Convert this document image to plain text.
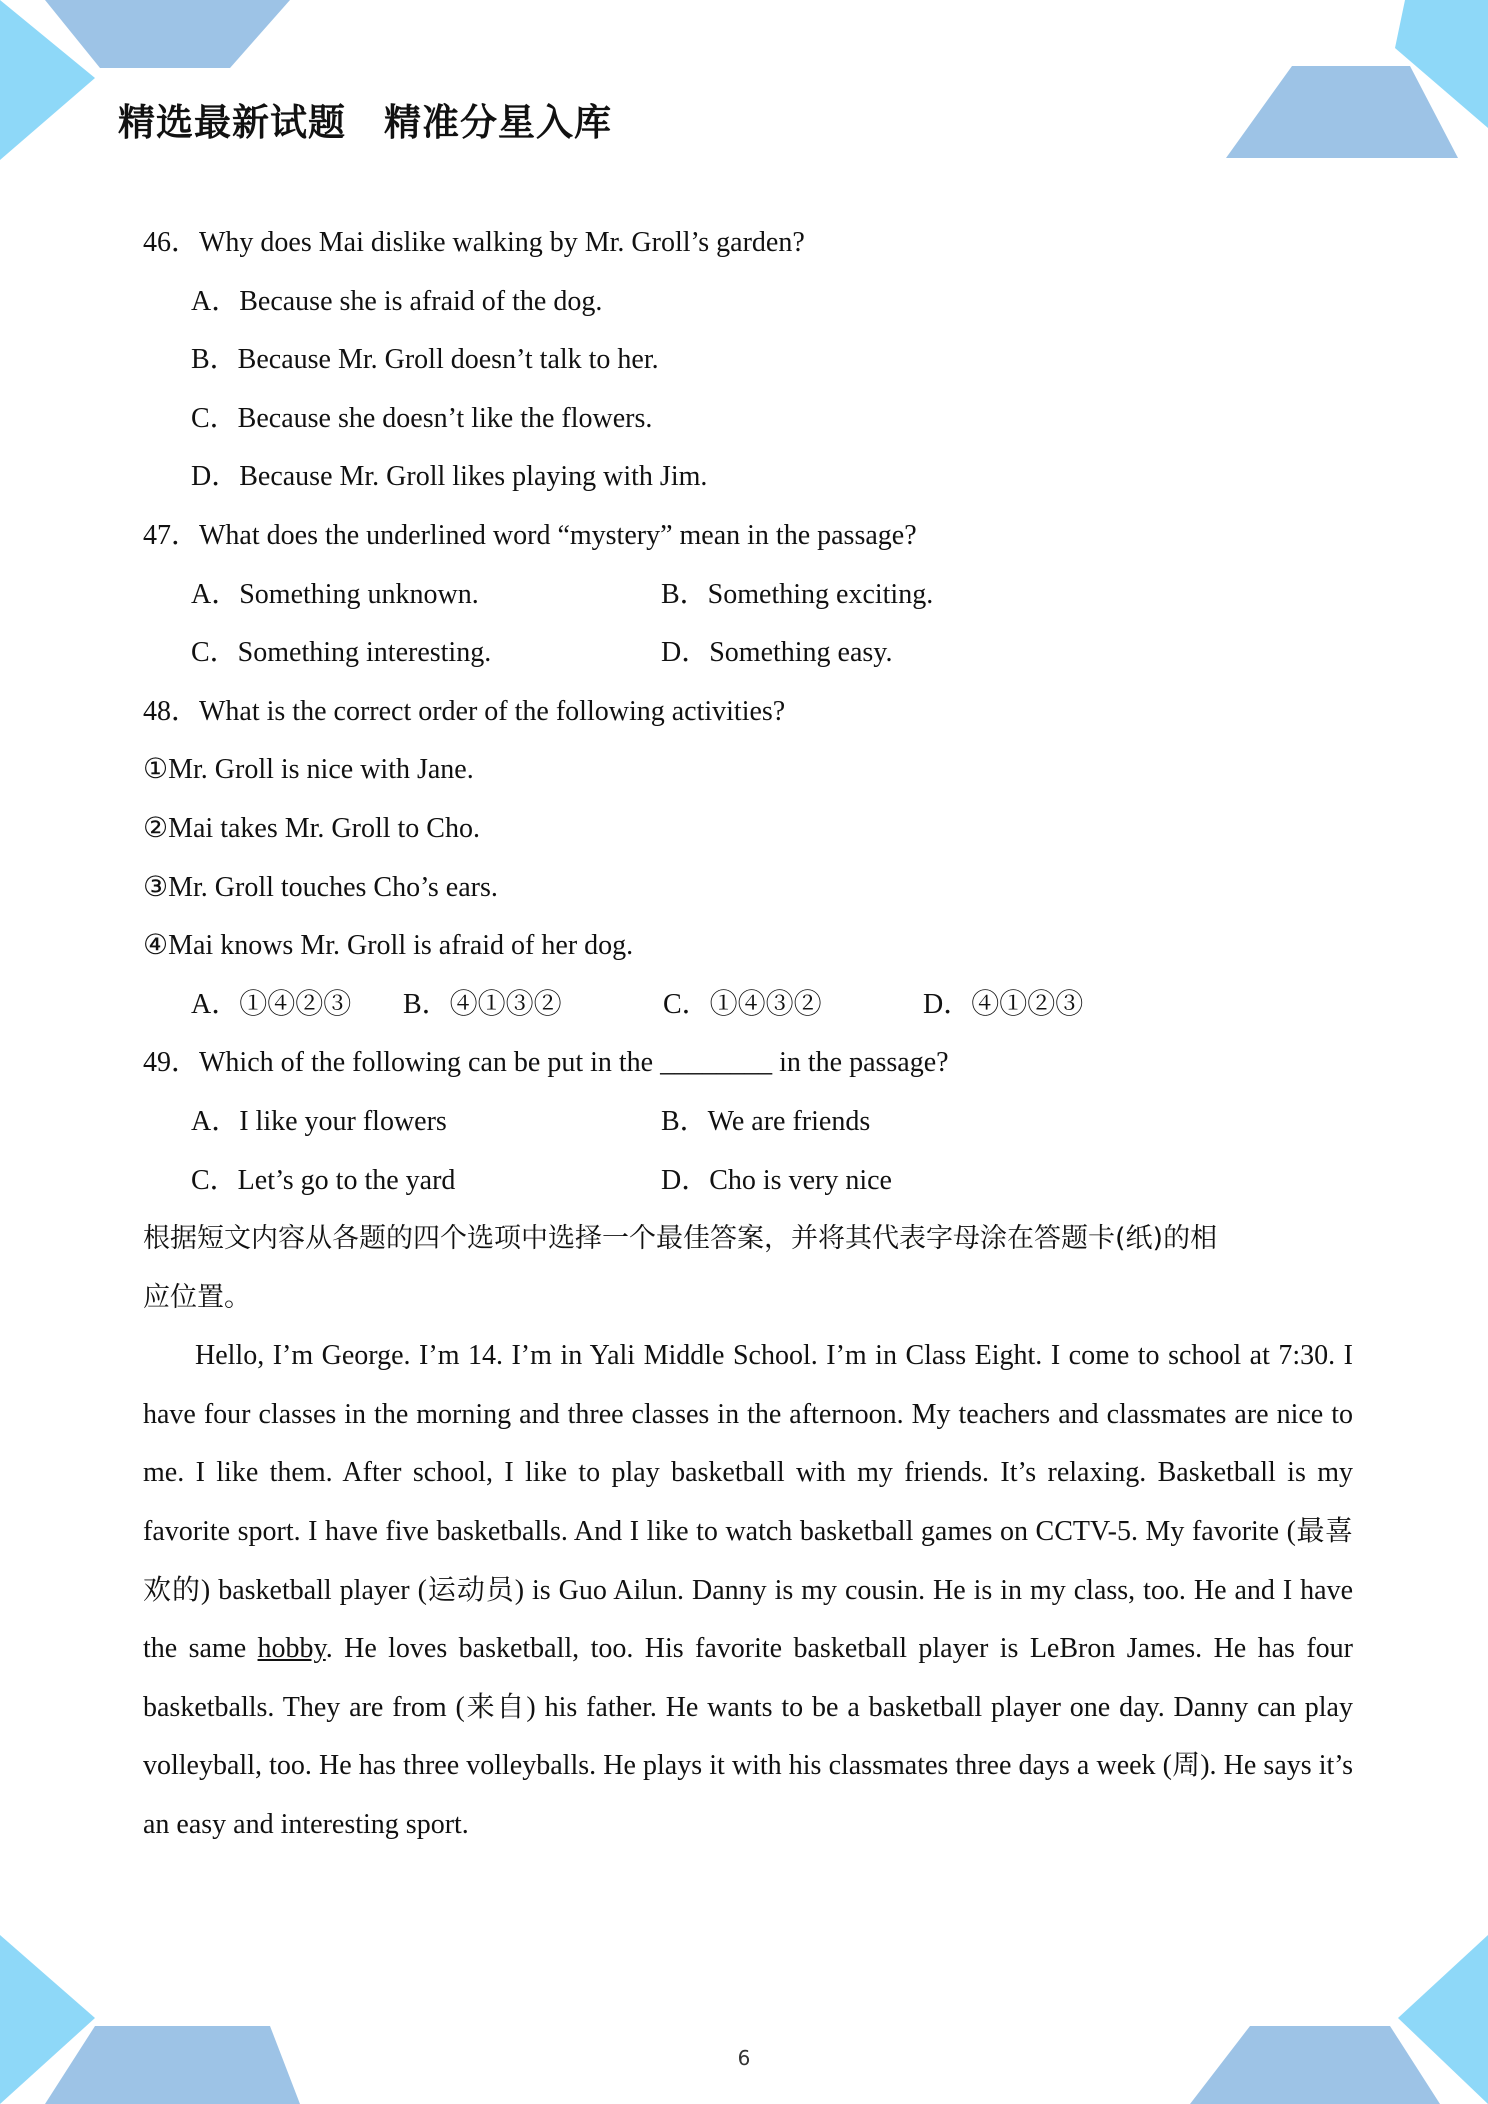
精选最新试题　精准分星入库
46．Why does Mai dislike walking by Mr. Groll’s garden?
A．Because she is afraid of the dog.
B．Because Mr. Groll doesn’t talk to her.
C．Because she doesn’t like the flowers.
D．Because Mr. Groll likes playing with Jim.
47．What does the underlined word “mystery” mean in the passage?
A．Something unknown.	B．Something exciting.
C．Something interesting.	D．Something easy.
48．What is the correct order of the following activities?
①Mr. Groll is nice with Jane.
②Mai takes Mr. Groll to Cho.
③Mr. Groll touches Cho’s ears.
④Mai knows Mr. Groll is afraid of her dog.
A．①④②③ B．④①③②	C．①④③②	D．④①②③
49．Which of the following can be put in the ________ in the passage?
A．I like your flowers	B．We are friends
C．Let’s go to the yard	D．Cho is very nice
根据短文内容从各题的四个选项中选择一个最佳答案，并将其代表字母涂在答题卡(纸)的相
应位置。

Hello, I’m George. I’m 14. I’m in Yali Middle School. I’m in Class Eight. I come to school at 7:30. I have four classes in the morning and three classes in the afternoon. My teachers and classmates are nice to me. I like them. After school, I like to play basketball with my friends. It’s relaxing. Basketball is my favorite sport. I have five basketballs. And I like to watch basketball games on CCTV-5. My favorite (最喜欢的) basketball player (运动员) is Guo Ailun. Danny is my cousin. He is in my class, too. He and I have the same hobby. He loves basketball, too. His favorite basketball player is LeBron James. He has four basketballs. They are from (来自) his father. He wants to be a basketball player one day. Danny can play volleyball, too. He has three volleyballs. He plays it with his classmates three days a week (周). He says it’s an easy and interesting sport.

6
